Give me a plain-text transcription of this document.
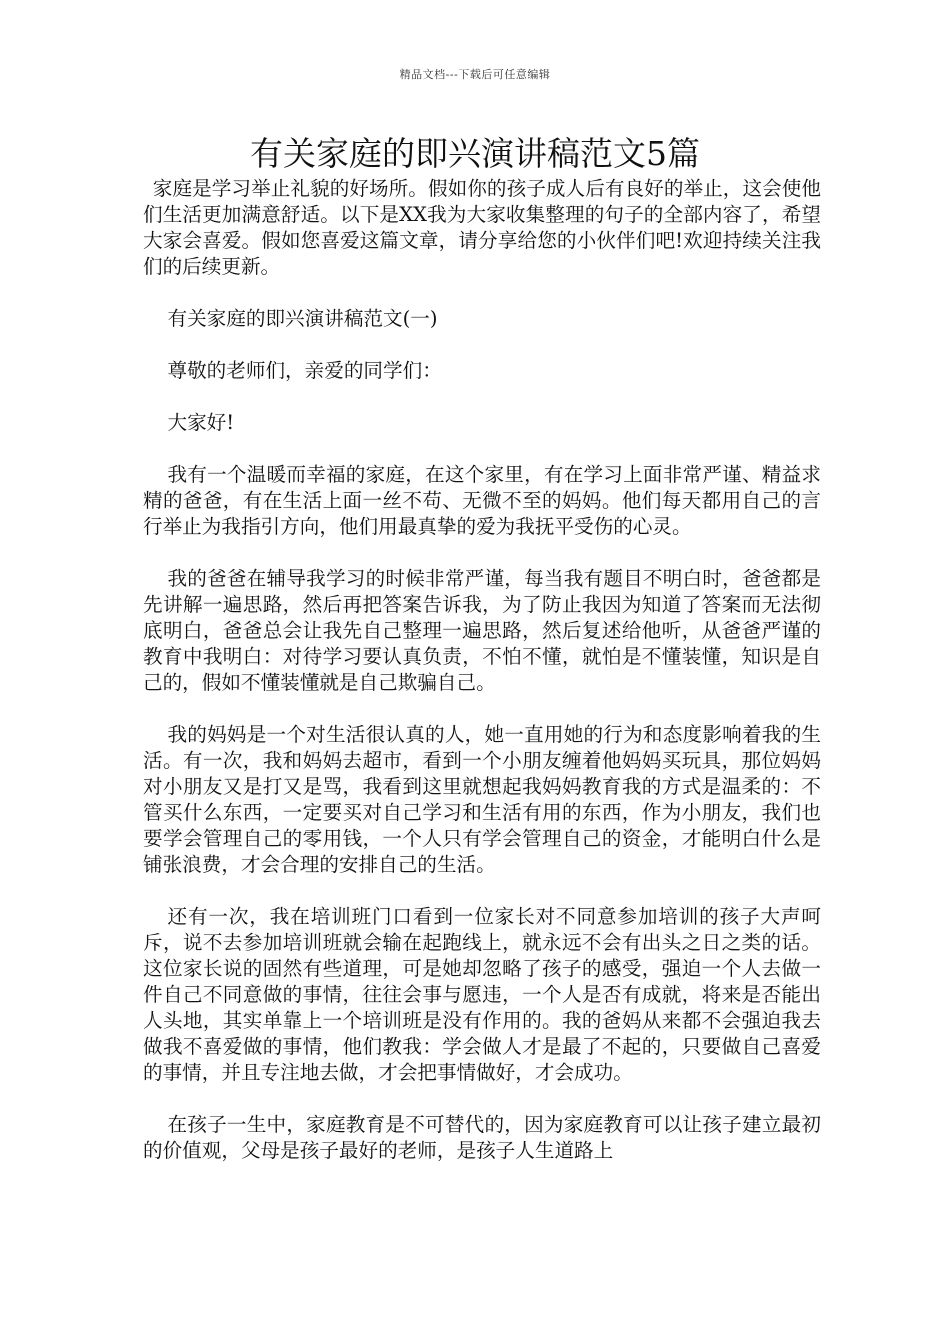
精品文档---下载后可任意编辑
有关家庭的即兴演讲稿范文5篇

家庭是学习举止礼貌的好场所。假如你的孩子成人后有良好的举止，这会使他们生活更加满意舒适。以下是XX我为大家收集整理的句子的全部内容了，希望大家会喜爱。假如您喜爱这篇文章，请分享给您的小伙伴们吧!欢迎持续关注我们的后续更新。

有关家庭的即兴演讲稿范文(一)

尊敬的老师们，亲爱的同学们：

大家好!

我有一个温暖而幸福的家庭，在这个家里，有在学习上面非常严谨、精益求精的爸爸，有在生活上面一丝不苟、无微不至的妈妈。他们每天都用自己的言行举止为我指引方向，他们用最真挚的爱为我抚平受伤的心灵。

我的爸爸在辅导我学习的时候非常严谨，每当我有题目不明白时，爸爸都是先讲解一遍思路，然后再把答案告诉我，为了防止我因为知道了答案而无法彻底明白，爸爸总会让我先自己整理一遍思路，然后复述给他听，从爸爸严谨的教育中我明白：对待学习要认真负责，不怕不懂，就怕是不懂装懂，知识是自己的，假如不懂装懂就是自己欺骗自己。

我的妈妈是一个对生活很认真的人，她一直用她的行为和态度影响着我的生活。有一次，我和妈妈去超市，看到一个小朋友缠着他妈妈买玩具，那位妈妈对小朋友又是打又是骂，我看到这里就想起我妈妈教育我的方式是温柔的：不管买什么东西，一定要买对自己学习和生活有用的东西，作为小朋友，我们也要学会管理自己的零用钱，一个人只有学会管理自己的资金，才能明白什么是铺张浪费，才会合理的安排自己的生活。

还有一次，我在培训班门口看到一位家长对不同意参加培训的孩子大声呵斥，说不去参加培训班就会输在起跑线上，就永远不会有出头之日之类的话。这位家长说的固然有些道理，可是她却忽略了孩子的感受，强迫一个人去做一件自己不同意做的事情，往往会事与愿违，一个人是否有成就，将来是否能出人头地，其实单靠上一个培训班是没有作用的。我的爸妈从来都不会强迫我去做我不喜爱做的事情，他们教我：学会做人才是最了不起的，只要做自己喜爱的事情，并且专注地去做，才会把事情做好，才会成功。

在孩子一生中，家庭教育是不可替代的，因为家庭教育可以让孩子建立最初的价值观，父母是孩子最好的老师，是孩子人生道路上
